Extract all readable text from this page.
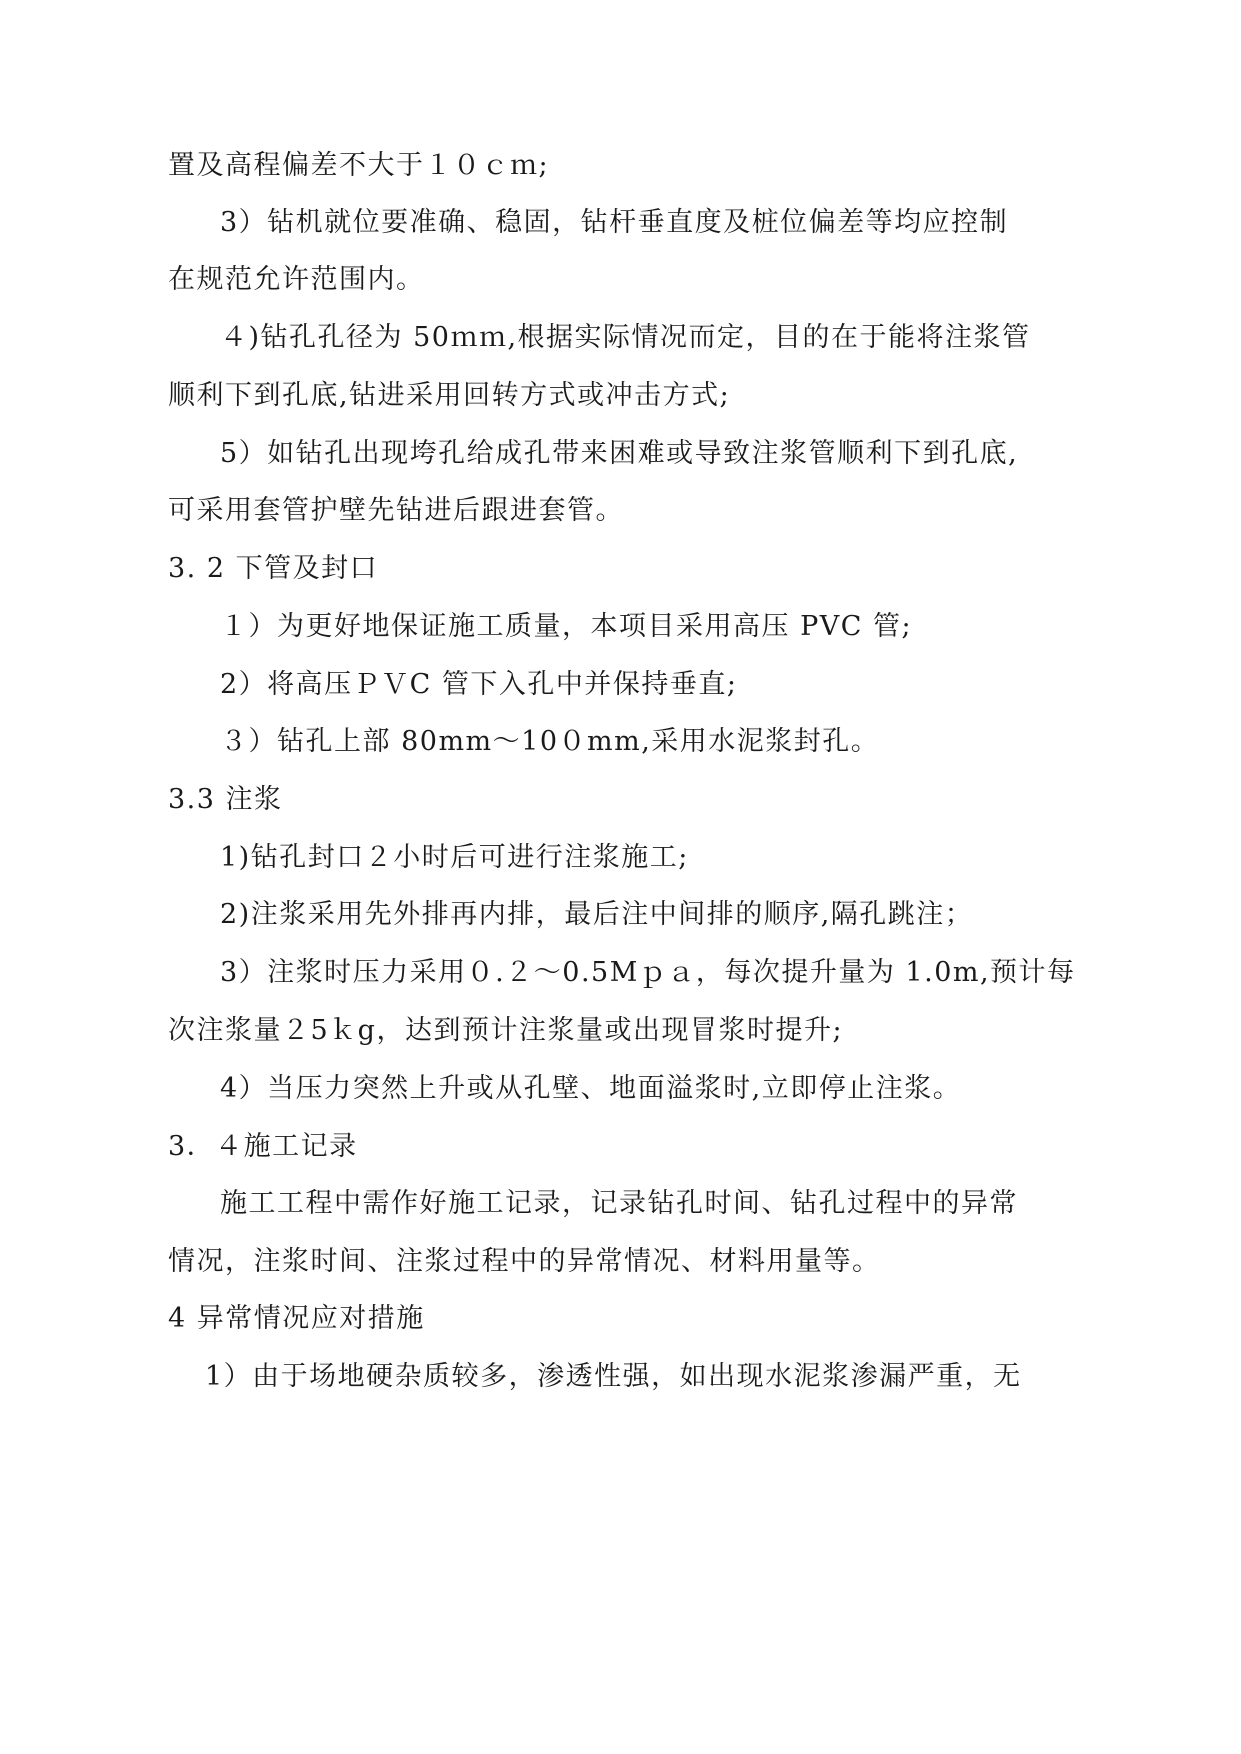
置及高程偏差不大于１０ｃｍ;
3）钻机就位要准确、稳固，钻杆垂直度及桩位偏差等均应控制
在规范允许范围内。
４)钻孔孔径为 50ｍｍ,根据实际情况而定，目的在于能将注浆管
顺利下到孔底,钻进采用回转方式或冲击方式;
5）如钻孔出现垮孔给成孔带来困难或导致注浆管顺利下到孔底,
可采用套管护壁先钻进后跟进套管。
3. 2 下管及封口
１）为更好地保证施工质量，本项目采用高压 PVC 管;
2）将高压ＰＶC 管下入孔中并保持垂直;
３）钻孔上部 80mm～10０mm,采用水泥浆封孔。
3.3 注浆
1)钻孔封口２小时后可进行注浆施工;
2)注浆采用先外排再内排，最后注中间排的顺序,隔孔跳注；
3）注浆时压力采用０.２～0.5Mｐａ，每次提升量为 1.0m,预计每
次注浆量２5ｋg，达到预计注浆量或出现冒浆时提升;
4）当压力突然上升或从孔壁、地面溢浆时,立即停止注浆。
3．４施工记录
施工工程中需作好施工记录，记录钻孔时间、钻孔过程中的异常
情况，注浆时间、注浆过程中的异常情况、材料用量等。
4 异常情况应对措施
1）由于场地硬杂质较多，渗透性强，如出现水泥浆渗漏严重，无
